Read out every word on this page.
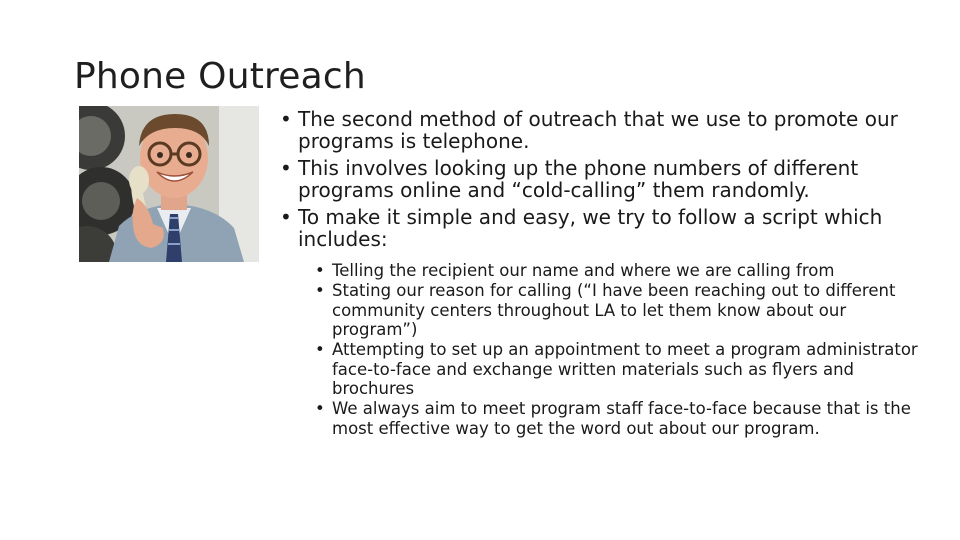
Phone Outreach
• The second method of outreach that we use to promote our programs is telephone.
• This involves looking up the phone numbers of different programs online and “cold-calling” them randomly.
• To make it simple and easy, we try to follow a script which includes:
• Telling the recipient our name and where we are calling from
• Stating our reason for calling (“I have been reaching out to different community centers throughout LA to let them know about our program”)
• Attempting to set up an appointment to meet a program administrator face-to-face and exchange written materials such as flyers and brochures
• We always aim to meet program staff face-to-face because that is the most effective way to get the word out about our program.
